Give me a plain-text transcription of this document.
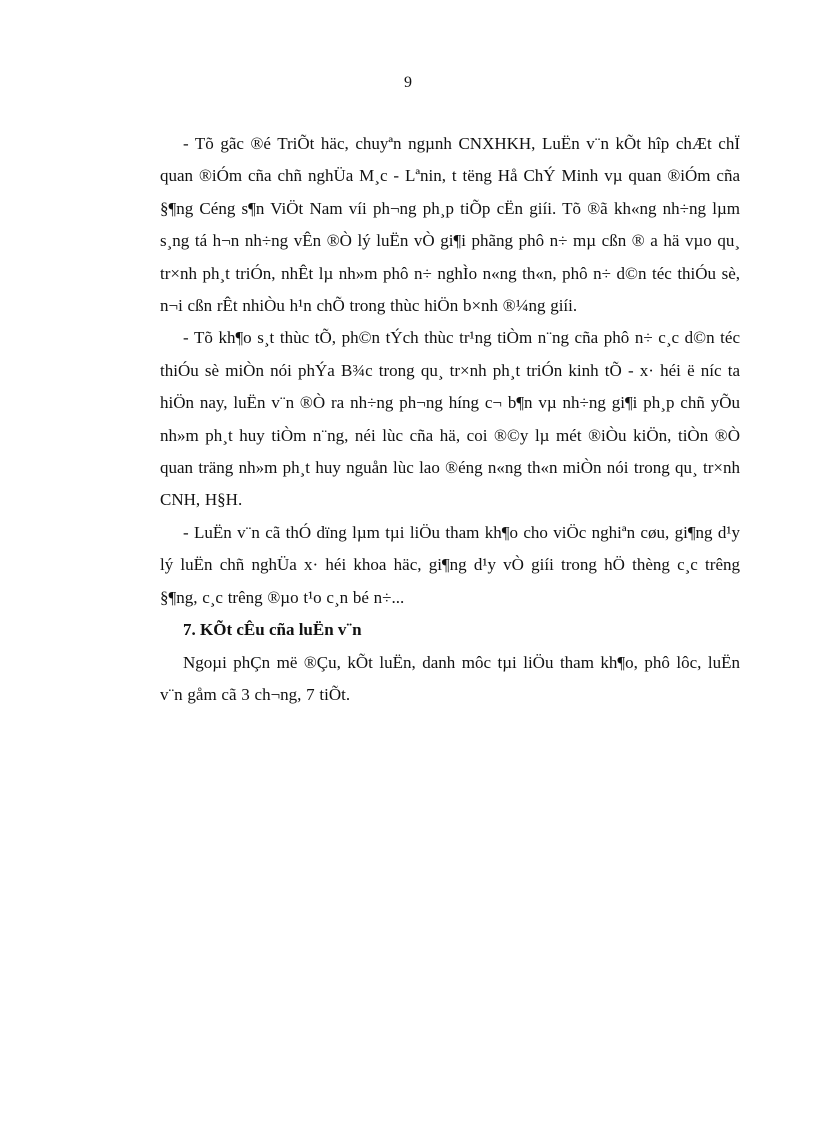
9

- Tõ gãc ®é TriÕt häc, chuyªn ngµnh CNXHKH, LuËn v¨n kÕt hîp chÆt chÏ quan ®iÓm cña chñ nghÜa M¸c - Lªnin, t tëng Hå ChÝ Minh vµ quan ®iÓm cña §¶ng Céng s¶n ViÖt Nam víi ph¬ng ph¸p tiÕp cËn giíi. Tõ ®ã kh«ng nh÷ng lµm s¸ng tá h¬n nh÷ng vÊn ®Ò lý luËn vÒ gi¶i phãng phô n÷ mµ cßn ® a hä vµo qu¸ tr×nh ph¸t triÓn, nhÊt lµ nh»m phô n÷ nghÌo n«ng th«n, phô n÷ d©n téc thiÓu sè, n¬i cßn rÊt nhiÒu h¹n chÕ trong thùc hiÖn b×nh ®¼ng giíi.

- Tõ kh¶o s¸t thùc tÕ, ph©n tÝch thùc tr¹ng tiÒm n¨ng cña phô n÷ c¸c d©n téc thiÓu sè miÒn nói phÝa B¾c trong qu¸ tr×nh ph¸t triÓn kinh tÕ - x· héi ë níc ta hiÖn nay, luËn v¨n ®Ò ra nh÷ng ph¬ng híng c¬ b¶n vµ nh÷ng gi¶i ph¸p chñ yÕu nh»m ph¸t huy tiÒm n¨ng, néi lùc cña hä, coi ®©y lµ mét ®iÒu kiÖn, tiÒn ®Ò quan träng nh»m ph¸t huy nguån lùc lao ®éng n«ng th«n miÒn nói trong qu¸ tr×nh CNH, H§H.

- LuËn v¨n cã thÓ dïng lµm tµi liÖu tham kh¶o cho viÖc nghiªn cøu, gi¶ng d¹y lý luËn chñ nghÜa x· héi khoa häc, gi¶ng d¹y vÒ giíi trong hÖ thèng c¸c trêng §¶ng, c¸c trêng ®µo t¹o c¸n bé n÷...

7. KÕt cÊu cña luËn v¨n

Ngoµi phÇn më ®Çu, kÕt luËn, danh môc tµi liÖu tham kh¶o, phô lôc, luËn v¨n gåm cã 3 ch¬ng, 7 tiÕt.
